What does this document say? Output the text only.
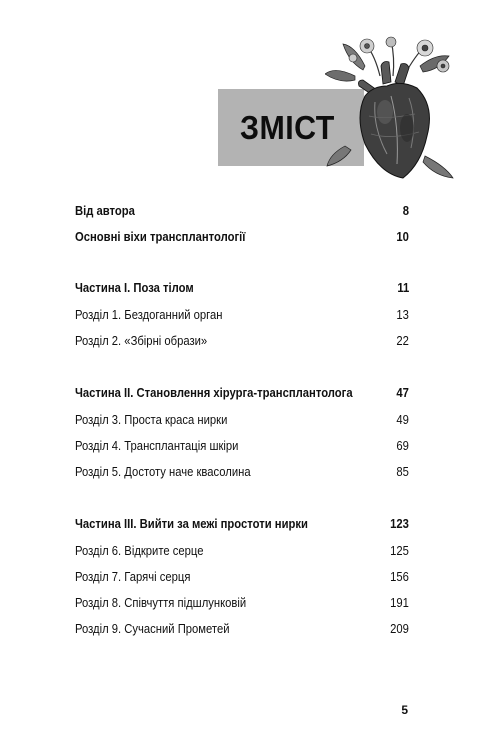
ЗМІСТ
Від автора	8
Основні віхи трансплантології	10
Частина I. Поза тілом	11
Розділ 1. Бездоганний орган	13
Розділ 2. «Збірні образи»	22
Частина II. Становлення хірурга-трансплантолога	47
Розділ 3. Проста краса нирки	49
Розділ 4. Трансплантація шкіри	69
Розділ 5. Достоту наче квасолина	85
Частина III. Вийти за межі простоти нирки	123
Розділ 6. Відкрите серце	125
Розділ 7. Гарячі серця	156
Розділ 8. Співчуття підшлунковій	191
Розділ 9. Сучасний Прометей	209
5
